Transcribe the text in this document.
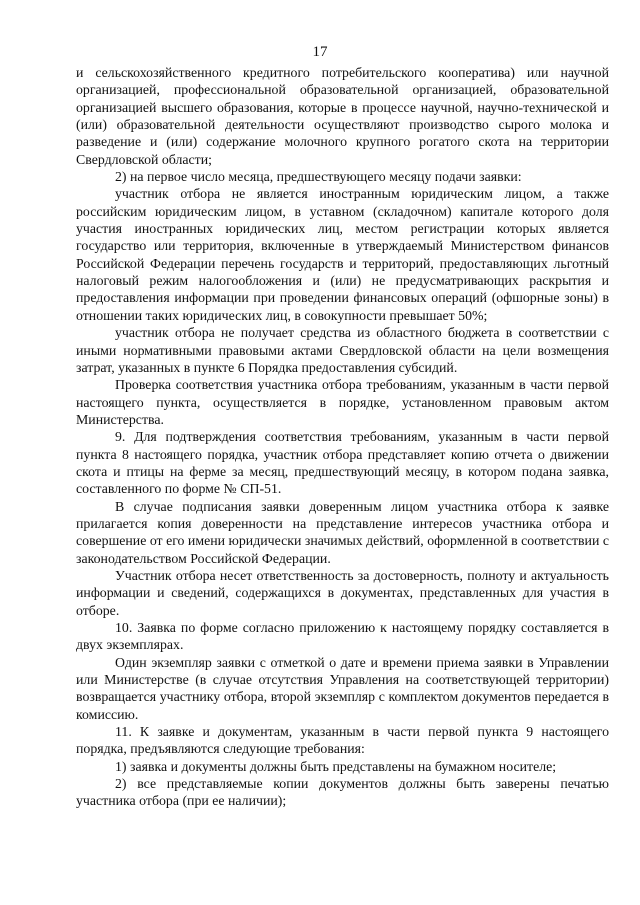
17

и сельскохозяйственного кредитного потребительского кооператива) или научной организацией, профессиональной образовательной организацией, образовательной организацией высшего образования, которые в процессе научной, научно-технической и (или) образовательной деятельности осуществляют производство сырого молока и разведение и (или) содержание молочного крупного рогатого скота на территории Свердловской области;

2) на первое число месяца, предшествующего месяцу подачи заявки:

участник отбора не является иностранным юридическим лицом, а также российским юридическим лицом, в уставном (складочном) капитале которого доля участия иностранных юридических лиц, местом регистрации которых является государство или территория, включенные в утверждаемый Министерством финансов Российской Федерации перечень государств и территорий, предоставляющих льготный налоговый режим налогообложения и (или) не предусматривающих раскрытия и предоставления информации при проведении финансовых операций (офшорные зоны) в отношении таких юридических лиц, в совокупности превышает 50%;

участник отбора не получает средства из областного бюджета в соответствии с иными нормативными правовыми актами Свердловской области на цели возмещения затрат, указанных в пункте 6 Порядка предоставления субсидий.

Проверка соответствия участника отбора требованиям, указанным в части первой настоящего пункта, осуществляется в порядке, установленном правовым актом Министерства.

9. Для подтверждения соответствия требованиям, указанным в части первой пункта 8 настоящего порядка, участник отбора представляет копию отчета о движении скота и птицы на ферме за месяц, предшествующий месяцу, в котором подана заявка, составленного по форме № СП-51.

В случае подписания заявки доверенным лицом участника отбора к заявке прилагается копия доверенности на представление интересов участника отбора и совершение от его имени юридически значимых действий, оформленной в соответствии с законодательством Российской Федерации.

Участник отбора несет ответственность за достоверность, полноту и актуальность информации и сведений, содержащихся в документах, представленных для участия в отборе.

10. Заявка по форме согласно приложению к настоящему порядку составляется в двух экземплярах.

Один экземпляр заявки с отметкой о дате и времени приема заявки в Управлении или Министерстве (в случае отсутствия Управления на соответствующей территории) возвращается участнику отбора, второй экземпляр с комплектом документов передается в комиссию.

11. К заявке и документам, указанным в части первой пункта 9 настоящего порядка, предъявляются следующие требования:

1) заявка и документы должны быть представлены на бумажном носителе;

2) все представляемые копии документов должны быть заверены печатью участника отбора (при ее наличии);
